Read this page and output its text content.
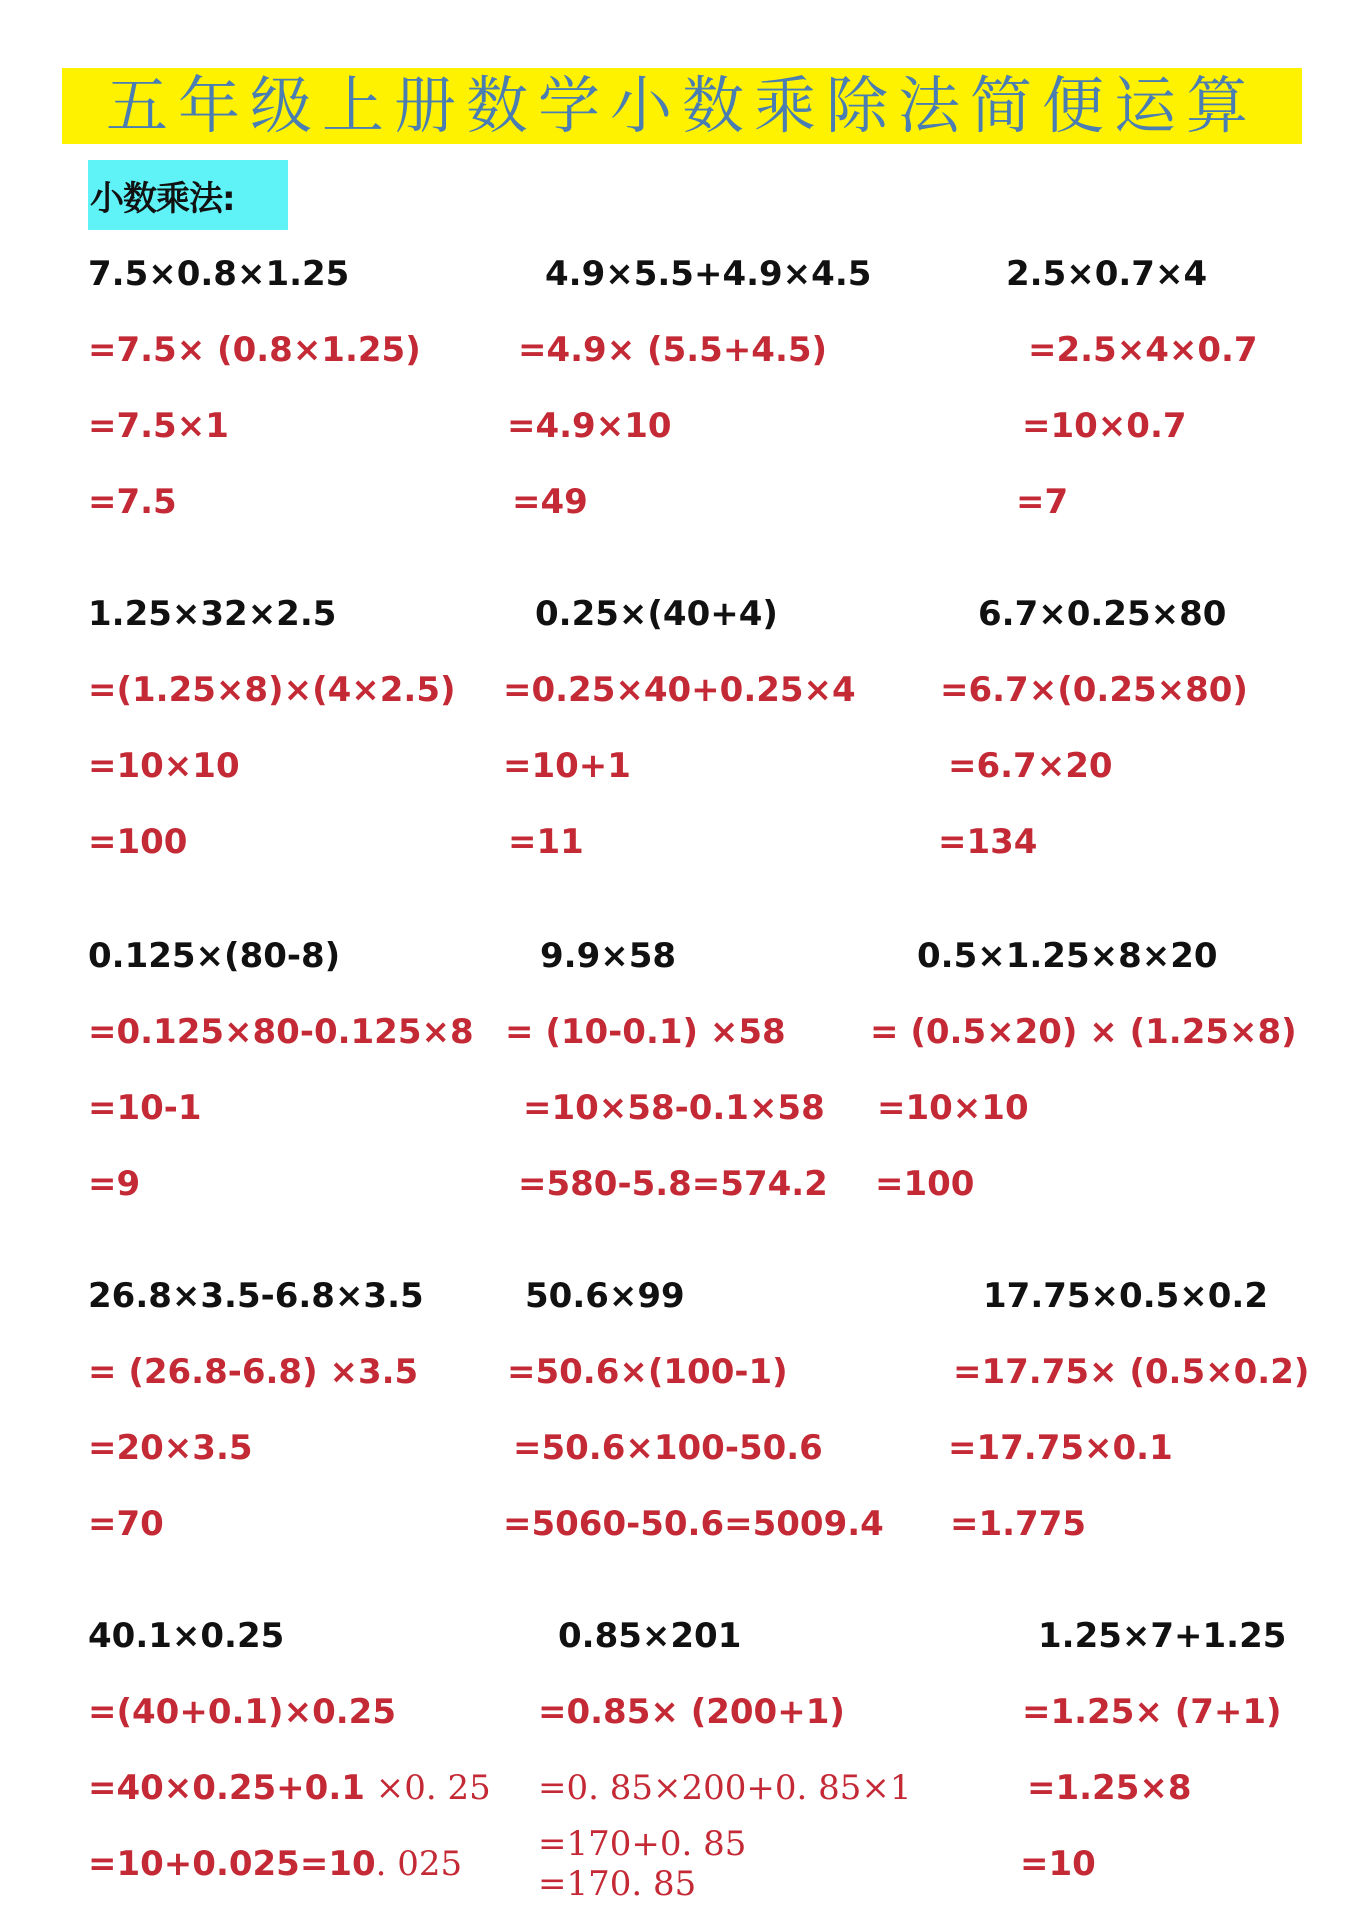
五年级上册数学小数乘除法简便运算
小数乘法:
7.5×0.8×1.25
=7.5× (0.8×1.25)
=7.5×1
=7.5
4.9×5.5+4.9×4.5
=4.9× (5.5+4.5)
=4.9×10
=49
2.5×0.7×4
=2.5×4×0.7
=10×0.7
=7
1.25×32×2.5
=(1.25×8)×(4×2.5)
=10×10
=100
0.25×(40+4)
=0.25×40+0.25×4
=10+1
=11
6.7×0.25×80
=6.7×(0.25×80)
=6.7×20
=134
0.125×(80-8)
=0.125×80-0.125×8
=10-1
=9
9.9×58
= (10-0.1) ×58
=10×58-0.1×58
=580-5.8=574.2
0.5×1.25×8×20
= (0.5×20) × (1.25×8)
=10×10
=100
26.8×3.5-6.8×3.5
= (26.8-6.8) ×3.5
=20×3.5
=70
50.6×99
=50.6×(100-1)
=50.6×100-50.6
=5060-50.6=5009.4
17.75×0.5×0.2
=17.75× (0.5×0.2)
=17.75×0.1
=1.775
40.1×0.25
=(40+0.1)×0.25
=40×0.25+0.1 ×0. 25
=10+0.025=10. 025
0.85×201
=0.85× (200+1)
=0. 85×200+0. 85×1
=170+0. 85
=170. 85
1.25×7+1.25
=1.25× (7+1)
=1.25×8
=10
